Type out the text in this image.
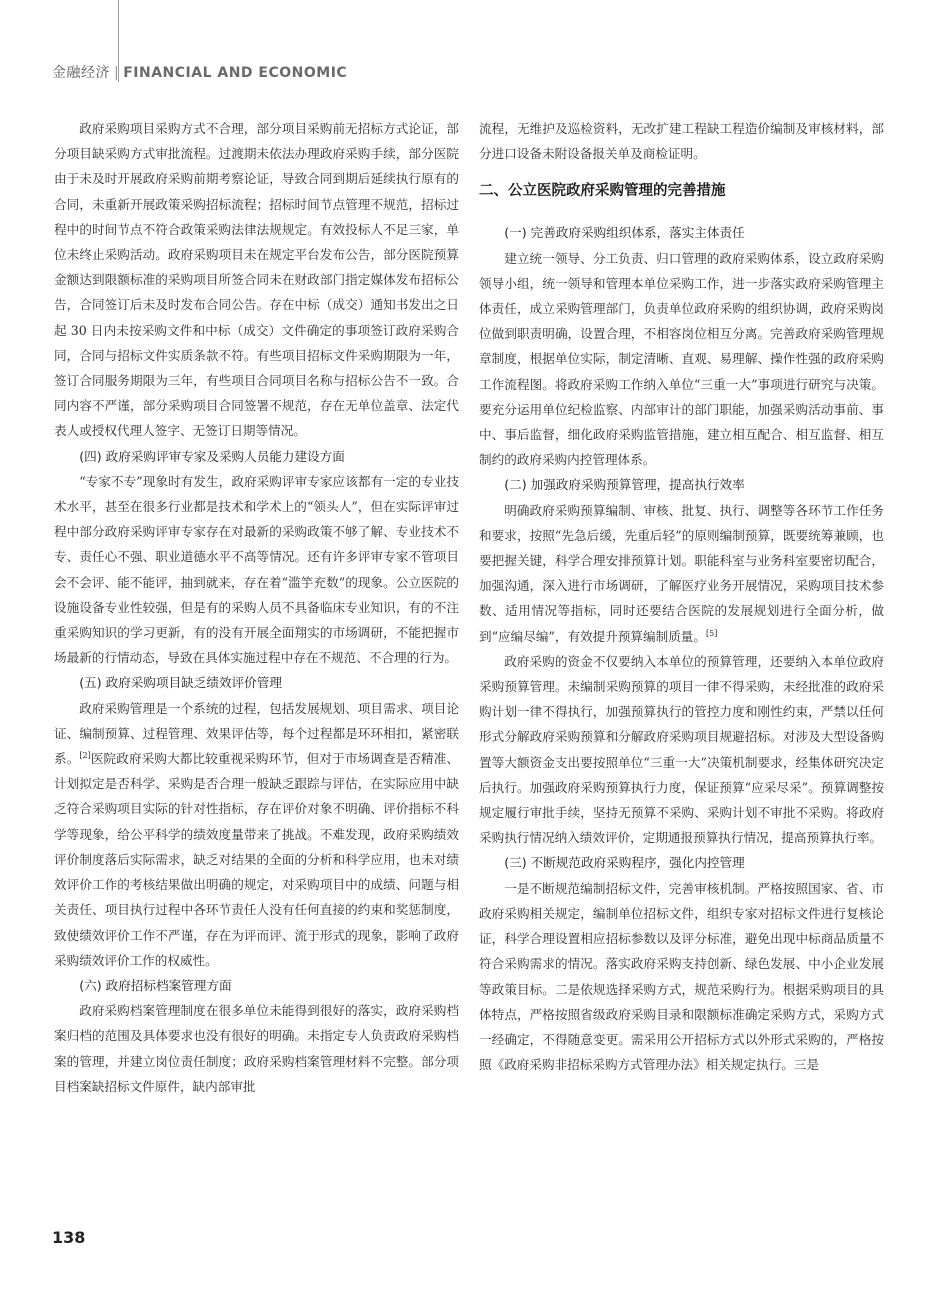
金融经济 | FINANCIAL AND ECONOMIC

政府采购项目采购方式不合理，部分项目采购前无招标方式论证，部分项目缺采购方式审批流程。过渡期未依法办理政府采购手续，部分医院由于未及时开展政府采购前期考察论证，导致合同到期后延续执行原有的合同，未重新开展政策采购招标流程；招标时间节点管理不规范，招标过程中的时间节点不符合政策采购法律法规规定。有效投标人不足三家，单位未终止采购活动。政府采购项目未在规定平台发布公告，部分医院预算金额达到限额标准的采购项目所签合同未在财政部门指定媒体发布招标公告，合同签订后未及时发布合同公告。存在中标（成交）通知书发出之日起 30 日内未按采购文件和中标（成交）文件确定的事项签订政府采购合同，合同与招标文件实质条款不符。有些项目招标文件采购期限为一年，签订合同服务期限为三年，有些项目合同项目名称与招标公告不一致。合同内容不严谨，部分采购项目合同签署不规范，存在无单位盖章、法定代表人或授权代理人签字、无签订日期等情况。

(四) 政府采购评审专家及采购人员能力建设方面

“专家不专”现象时有发生，政府采购评审专家应该都有一定的专业技术水平，甚至在很多行业都是技术和学术上的“领头人”，但在实际评审过程中部分政府采购评审专家存在对最新的采购政策不够了解、专业技术不专、责任心不强、职业道德水平不高等情况。还有许多评审专家不管项目会不会评、能不能评，抽到就来，存在着“滥竽充数”的现象。公立医院的设施设备专业性较强，但是有的采购人员不具备临床专业知识，有的不注重采购知识的学习更新，有的没有开展全面翔实的市场调研，不能把握市场最新的行情动态，导致在具体实施过程中存在不规范、不合理的行为。

(五) 政府采购项目缺乏绩效评价管理

政府采购管理是一个系统的过程，包括发展规划、项目需求、项目论证、编制预算、过程管理、效果评估等，每个过程都是环环相扣，紧密联系。[2]医院政府采购大都比较重视采购环节，但对于市场调查是否精准、计划拟定是否科学、采购是否合理一般缺乏跟踪与评估，在实际应用中缺乏符合采购项目实际的针对性指标，存在评价对象不明确、评价指标不科学等现象，给公平科学的绩效度量带来了挑战。不难发现，政府采购绩效评价制度落后实际需求，缺乏对结果的全面的分析和科学应用，也未对绩效评价工作的考核结果做出明确的规定，对采购项目中的成绩、问题与相关责任、项目执行过程中各环节责任人没有任何直接的约束和奖惩制度，致使绩效评价工作不严谨，存在为评而评、流于形式的现象，影响了政府采购绩效评价工作的权威性。

(六) 政府招标档案管理方面

政府采购档案管理制度在很多单位未能得到很好的落实，政府采购档案归档的范围及具体要求也没有很好的明确。未指定专人负责政府采购档案的管理，并建立岗位责任制度；政府采购档案管理材料不完整。部分项目档案缺招标文件原件，缺内部审批

流程，无维护及巡检资料，无改扩建工程缺工程造价编制及审核材料，部分进口设备未附设备报关单及商检证明。

二、公立医院政府采购管理的完善措施
(一) 完善政府采购组织体系，落实主体责任

建立统一领导、分工负责、归口管理的政府采购体系，设立政府采购领导小组，统一领导和管理本单位采购工作，进一步落实政府采购管理主体责任，成立采购管理部门，负责单位政府采购的组织协调，政府采购岗位做到职责明确，设置合理，不相容岗位相互分离。完善政府采购管理规章制度，根据单位实际，制定清晰、直观、易理解、操作性强的政府采购工作流程图。将政府采购工作纳入单位“三重一大”事项进行研究与决策。要充分运用单位纪检监察、内部审计的部门职能，加强采购活动事前、事中、事后监督，细化政府采购监管措施，建立相互配合、相互监督、相互制约的政府采购内控管理体系。

(二) 加强政府采购预算管理，提高执行效率

明确政府采购预算编制、审核、批复、执行、调整等各环节工作任务和要求，按照“先急后缓，先重后轻”的原则编制预算，既要统筹兼顾，也要把握关键，科学合理安排预算计划。职能科室与业务科室要密切配合，加强沟通，深入进行市场调研，了解医疗业务开展情况，采购项目技术参数、适用情况等指标，同时还要结合医院的发展规划进行全面分析，做到“应编尽编”，有效提升预算编制质量。[5]

政府采购的资金不仅要纳入本单位的预算管理，还要纳入本单位政府采购预算管理。未编制采购预算的项目一律不得采购，未经批准的政府采购计划一律不得执行，加强预算执行的管控力度和刚性约束，严禁以任何形式分解政府采购预算和分解政府采购项目规避招标。对涉及大型设备购置等大额资金支出要按照单位“三重一大”决策机制要求，经集体研究决定后执行。加强政府采购预算执行力度，保证预算“应采尽采”。预算调整按规定履行审批手续，坚持无预算不采购、采购计划不审批不采购。将政府采购执行情况纳入绩效评价，定期通报预算执行情况，提高预算执行率。

(三) 不断规范政府采购程序，强化内控管理

一是不断规范编制招标文件，完善审核机制。严格按照国家、省、市政府采购相关规定，编制单位招标文件，组织专家对招标文件进行复核论证，科学合理设置相应招标参数以及评分标准，避免出现中标商品质量不符合采购需求的情况。落实政府采购支持创新、绿色发展、中小企业发展等政策目标。二是依规选择采购方式，规范采购行为。根据采购项目的具体特点，严格按照省级政府采购目录和限额标准确定采购方式，采购方式一经确定，不得随意变更。需采用公开招标方式以外形式采购的，严格按照《政府采购非招标采购方式管理办法》相关规定执行。三是

138
